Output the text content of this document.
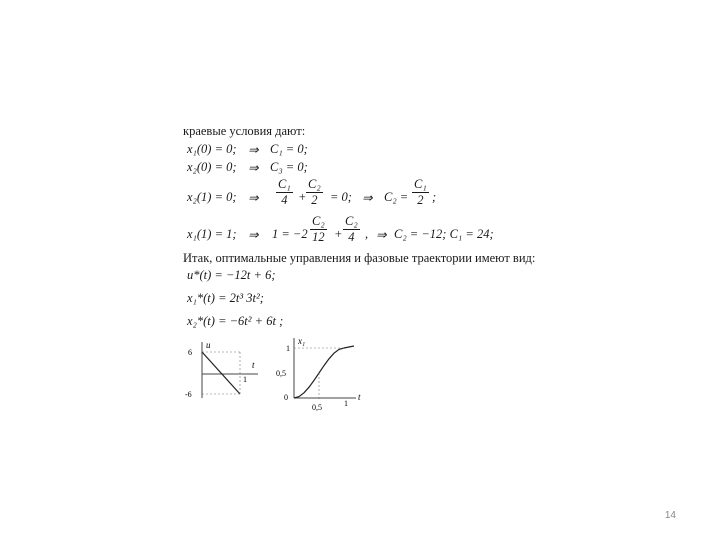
краевые условия дают:
x₁(0) = 0; ⇒ C₁ = 0;
x₂(0) = 0; ⇒ C₃ = 0;
x₂(1) = 0; ⇒ $\frac{\text{C₁}}{4} + \frac{\text{C₂}}{2} = 0$; ⇒ $C_2 = \frac{\text{C₁}}{2}$ ;
x₁(1) = 1; ⇒ $1 = -2 \frac{\text{C₂}}{12} + \frac{\text{C₂}}{4}$ , ⇒ C₂ = −12; C₁ = 24;
Итак, оптимальные управления и фазовые траектории имеют вид:
u*(t) = −12t + 6;
x₁*(t) = 2t³ 3t²;
x₂*(t) = −6t² + 6t ;
u
6
-6
t
1
x₁
1
0,5
0
0,5	1
t
14
